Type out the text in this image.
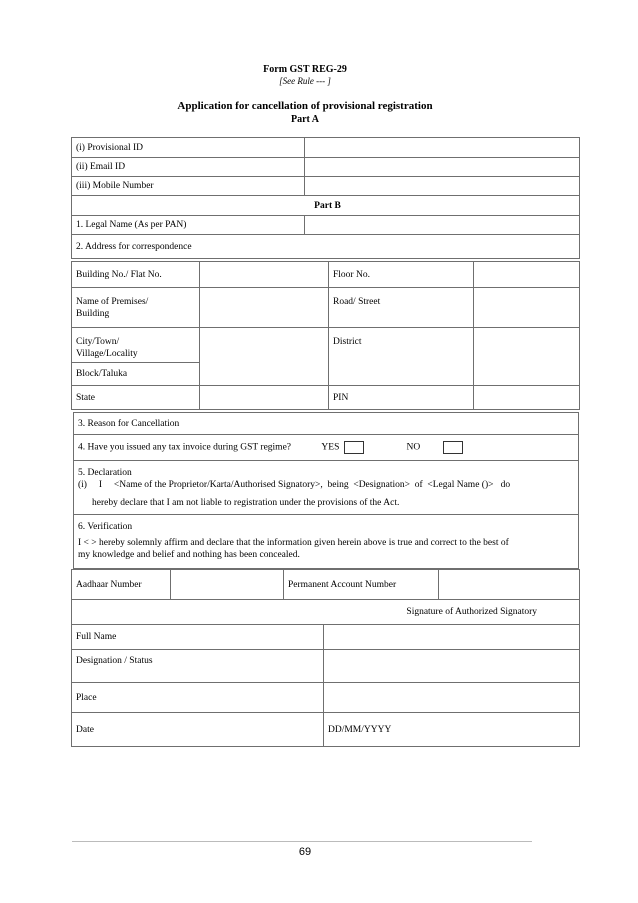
Form GST REG-29
[See Rule --- ]
Application for cancellation of provisional registration
Part A
(i) Provisional ID	
(ii) Email ID	
(iii) Mobile Number	
Part B	
1. Legal Name (As per PAN)	
2. Address for correspondence	
Building No./ Flat No.		Floor No.	
Name of Premises/
Building		Road/ Street	
City/Town/
Village/Locality		District	
Block/Taluka			
State		PIN	
3. Reason for Cancellation
4. Have you issued any tax invoice during GST regime?	YES	NO

5. Declaration
(i)     I     <Name of the Proprietor/Karta/Authorised Signatory>,  being  <Designation>  of  <Legal Name ()>   do
hereby declare that I am not liable to registration under the provisions of the Act.

6. Verification
I < > hereby solemnly affirm and declare that the information given herein above is true and correct to the best of
my knowledge and belief and nothing has been concealed.
Aadhaar Number		Permanent Account Number	
Signature of Authorized Signatory	
Full Name	
Designation / Status	
Place	
Date	DD/MM/YYYY
69
